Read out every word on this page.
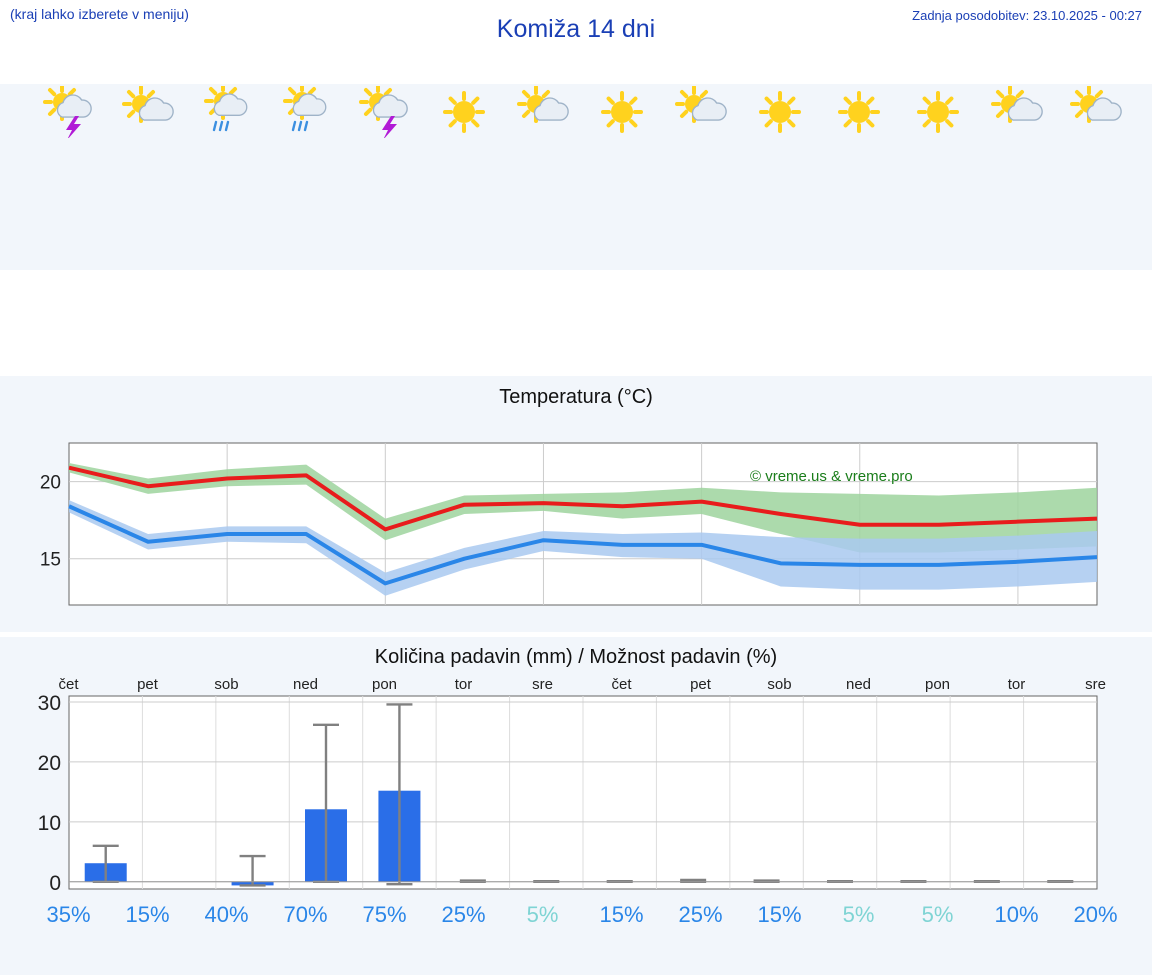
(kraj lahko izberete v meniju)
Komiža 14 dni	Zadnja posodobitev: 23.10.2025 - 00:27
Temperatura (°C)
15
20	© vreme.us & vreme.pro
Količina padavin (mm) / Možnost padavin (%)
0
10
20
30
čet
35%
pet
15%
sob
40%
ned
70%
pon
75%
tor
25%
sre
5%
čet
15%
pet
25%
sob
15%
ned
5%
pon
5%
tor
10%
sre
20%
